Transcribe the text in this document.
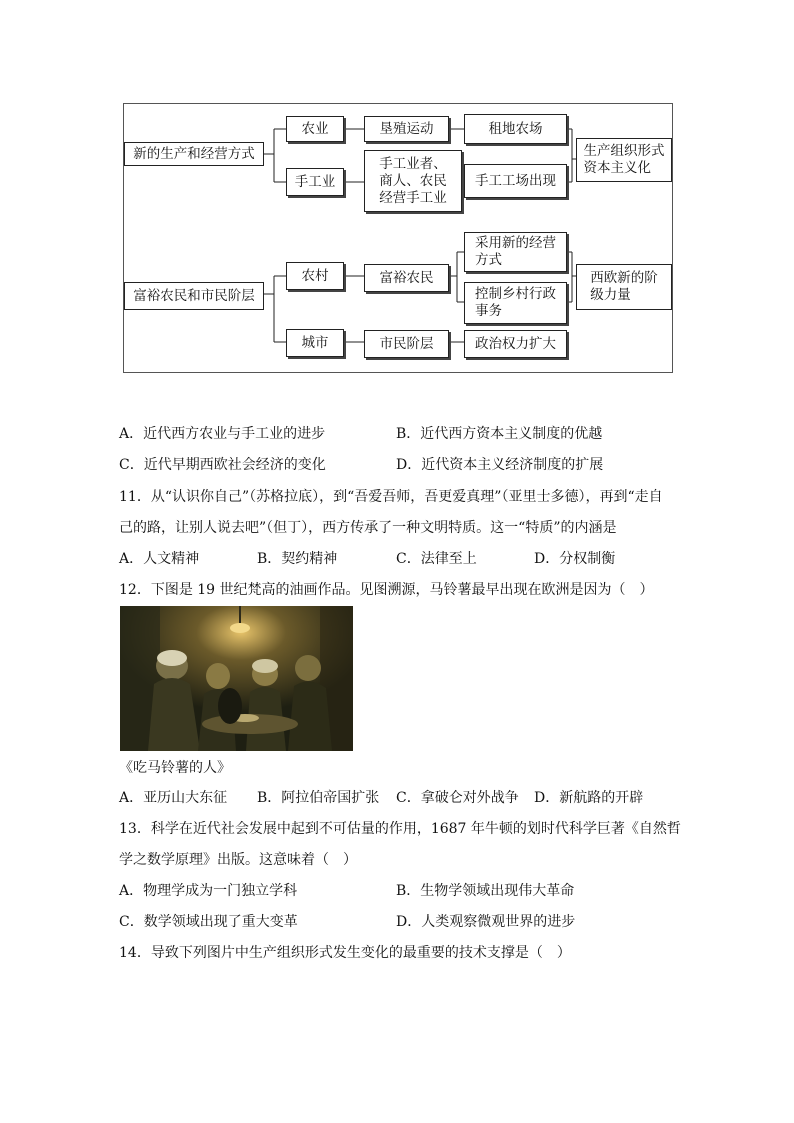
新的生产和经营方式
农业
手工业
垦殖运动	租地农场
手工业者、
商人、农民
经营手工业
手工工场出现
生产组织形式
资本主义化
富裕农民和市民阶层
农村	富裕农民
采用新的经营
方式
控制乡村行政
事务
西欧新的阶
级力量
城市	市民阶层	政治权力扩大
A．近代西方农业与手工业的进步	B．近代西方资本主义制度的优越
C．近代早期西欧社会经济的变化	D．近代资本主义经济制度的扩展
11．从“认识你自己”（苏格拉底），到“吾爱吾师，吾更爱真理”（亚里士多德），再到“走自
己的路，让别人说去吧”（但丁），西方传承了一种文明特质。这一“特质”的内涵是
A．人文精神	B．契约精神	C．法律至上	D．分权制衡
12．下图是 19 世纪梵高的油画作品。见图溯源，马铃薯最早出现在欧洲是因为（　）
《吃马铃薯的人》
A．亚历山大东征 B．阿拉伯帝国扩张 C．拿破仑对外战争 D．新航路的开辟
13．科学在近代社会发展中起到不可估量的作用，1687 年牛顿的划时代科学巨著《自然哲
学之数学原理》出版。这意味着（　）
A．物理学成为一门独立学科	B．生物学领域出现伟大革命
C．数学领域出现了重大变革	D．人类观察微观世界的进步
14．导致下列图片中生产组织形式发生变化的最重要的技术支撑是（　）
